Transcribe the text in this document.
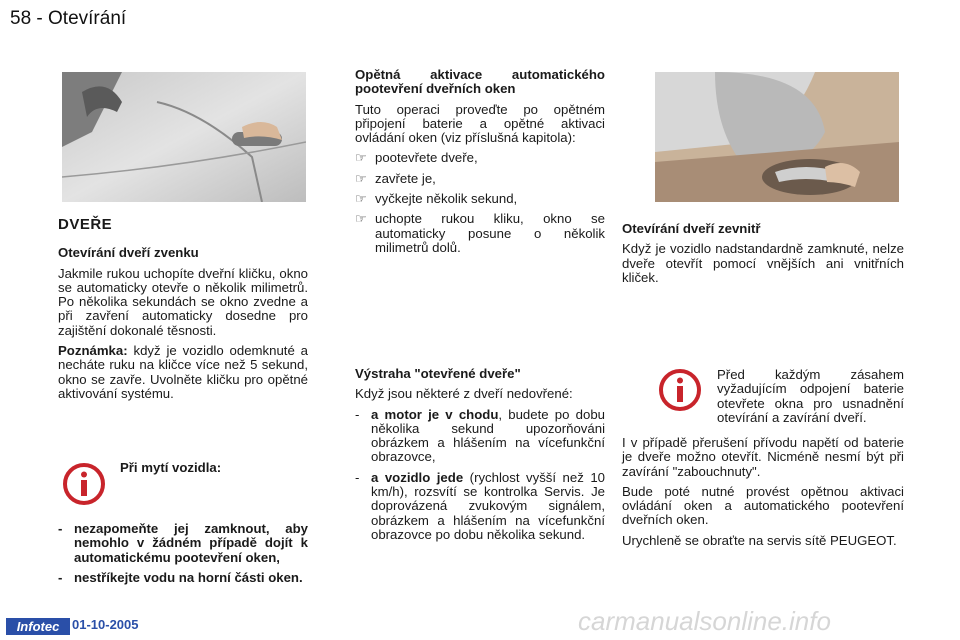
58 - Otevírání

DVEŘE

Otevírání dveří zvenku

Jakmile rukou uchopíte dveřní kličku, okno se automaticky otevře o několik milimetrů. Po několika sekundách se okno zvedne a při zavření automaticky dosedne pro zajištění dokonalé těsnosti.

Poznámka: když je vozidlo odemknuté a necháte ruku na kličce více než 5 sekund, okno se zavře. Uvolněte kličku pro opětné aktivování systému.

Při mytí vozidla:

- nezapomeňte jej zamknout, aby nemohlo v žádném případě dojít k automatickému pootevření oken,

- nestříkejte vodu na horní části oken.

Opětná aktivace automatického pootevření dveřních oken

Tuto operaci proveďte po opětném připojení baterie a opětné aktivaci ovládání oken (viz příslušná kapitola):

☞ pootevřete dveře,

☞ zavřete je,

☞ vyčkejte několik sekund,

☞ uchopte rukou kliku, okno se automaticky posune o několik milimetrů dolů.

Výstraha "otevřené dveře"

Když jsou některé z dveří nedovřené:

- a motor je v chodu, budete po dobu několika sekund upozorňováni obrázkem a hlášením na vícefunkční obrazovce,

- a vozidlo jede (rychlost vyšší než 10 km/h), rozsvítí se kontrolka Servis. Je doprovázená zvukovým signálem, obrázkem a hlášením na vícefunkční obrazovce po dobu několika sekund.

Otevírání dveří zevnitř

Když je vozidlo nadstandardně zamknuté, nelze dveře otevřít pomocí vnějších ani vnitřních kliček.

Před každým zásahem vyžadujícím odpojení baterie otevřete okna pro usnadnění otevírání a zavírání dveří.

I v případě přerušení přívodu napětí od baterie je dveře možno otevřít. Nicméně nesmí být při zavírání "zabouchnuty".

Bude poté nutné provést opětnou aktivaci ovládání oken a automatického pootevření dveřních oken.

Urychleně se obraťte na servis sítě PEUGEOT.

Infotec 01-10-2005	carmanualsonline.info
